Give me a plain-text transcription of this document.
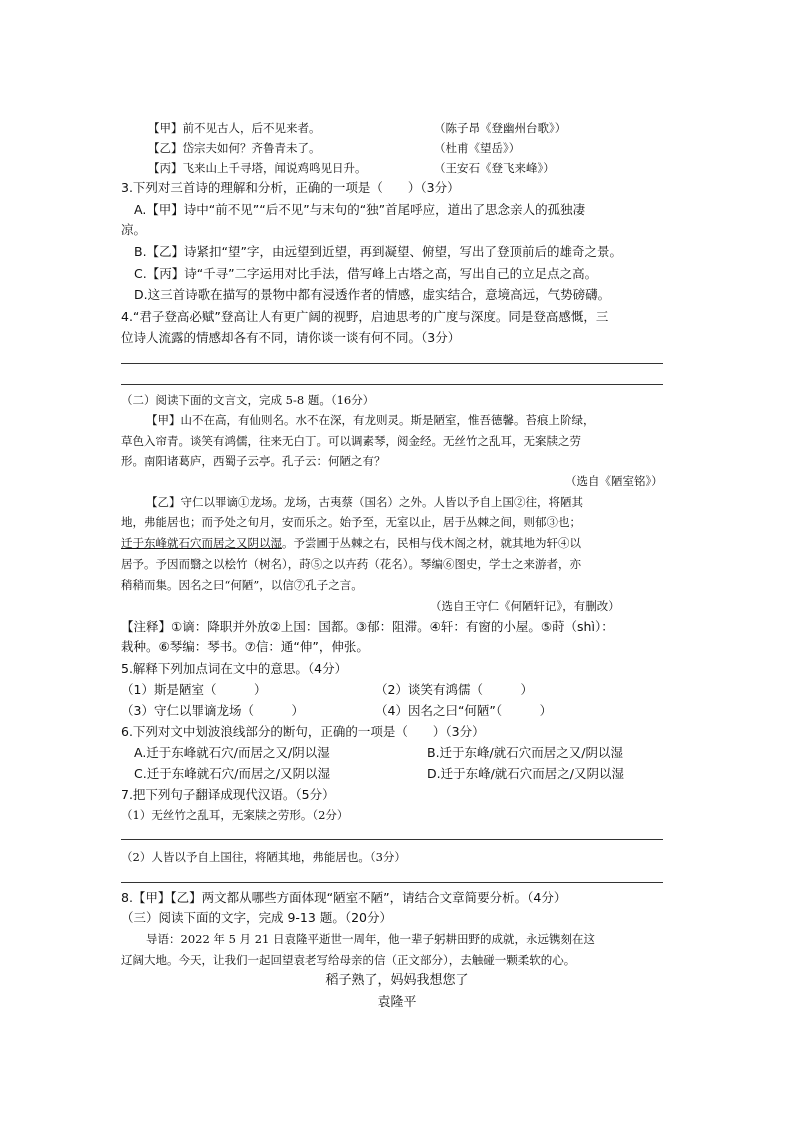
【甲】前不见古人，后不见来者。	（陈子昂《登幽州台歌》）
【乙】岱宗夫如何？齐鲁青未了。	（杜甫《望岳》）
【丙】飞来山上千寻塔，闻说鸡鸣见日升。	（王安石《登飞来峰》）
3.下列对三首诗的理解和分析，正确的一项是（　　）（3分）
A.【甲】诗中“前不见”“后不见”与末句的“独”首尾呼应，道出了思念亲人的孤独凄
凉。
B.【乙】诗紧扣“望”字，由远望到近望，再到凝望、俯望，写出了登顶前后的雄奇之景。
C.【丙】诗“千寻”二字运用对比手法，借写峰上古塔之高，写出自己的立足点之高。
D.这三首诗歌在描写的景物中都有浸透作者的情感，虚实结合，意境高远，气势磅礴。
4.“君子登高必赋”登高让人有更广阔的视野，启迪思考的广度与深度。同是登高感慨，三
位诗人流露的情感却各有不同，请你谈一谈有何不同。（3分）
（二）阅读下面的文言文，完成 5-8 题。（16分）
【甲】山不在高，有仙则名。水不在深，有龙则灵。斯是陋室，惟吾德馨。苔痕上阶绿，
草色入帘青。谈笑有鸿儒，往来无白丁。可以调素琴，阅金经。无丝竹之乱耳，无案牍之劳
形。南阳诸葛庐，西蜀子云亭。孔子云：何陋之有？
（选自《陋室铭》）
【乙】守仁以罪谪①龙场。龙场，古夷蔡（国名）之外。人皆以予自上国②往，将陋其
地，弗能居也；而予处之旬月，安而乐之。始予至，无室以止，居于丛棘之间，则郁③也；
迁于东峰就石穴而居之又阴以湿。予尝圃于丛棘之右，民相与伐木阁之材，就其地为轩④以
居予。予因而翳之以桧竹（树名），莳⑤之以卉药（花名）。琴编⑥图史，学士之来游者，亦
稍稍而集。因名之曰“何陋”，以信⑦孔子之言。
（选自王守仁《何陋轩记》，有删改）
【注释】①谪：降职并外放②上国：国都。③郁：阻滞。④轩：有窗的小屋。⑤莳（shì）：
栽种。⑥琴编：琴书。⑦信：通“伸”，伸张。
5.解释下列加点词在文中的意思。（4分）
（1）斯是陋室（　　　）	（2）谈笑有鸿儒（　　　）
（3）守仁以罪谪龙场（　　　）	（4）因名之曰“何陋”（　　　）
6.下列对文中划波浪线部分的断句，正确的一项是（　　）（3分）
A.迁于东峰就石穴/而居之又/阴以湿	B.迁于东峰/就石穴而居之又/阴以湿
C.迁于东峰就石穴/而居之/又阴以湿	D.迁于东峰/就石穴而居之/又阴以湿
7.把下列句子翻译成现代汉语。（5分）
（1）无丝竹之乱耳，无案牍之劳形。（2分）
（2）人皆以予自上国往，将陋其地，弗能居也。（3分）
8.【甲】【乙】两文都从哪些方面体现“陋室不陋”，请结合文章简要分析。（4分）
（三）阅读下面的文字，完成 9-13 题。（20分）
导语：2022 年 5 月 21 日袁隆平逝世一周年，他一辈子躬耕田野的成就，永远镌刻在这
辽阔大地。今天，让我们一起回望袁老写给母亲的信（正文部分），去触碰一颗柔软的心。
稻子熟了，妈妈我想您了
袁隆平
